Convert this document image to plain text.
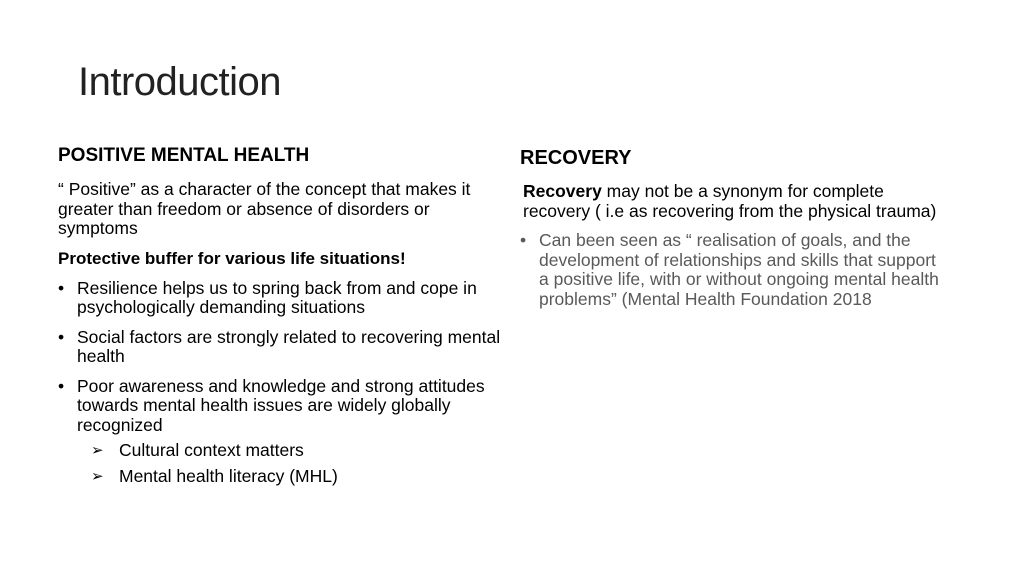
Introduction

POSITIVE MENTAL HEALTH

“ Positive” as a character of the concept that makes it greater than freedom or absence of disorders or symptoms

Protective buffer for various life situations!

• Resilience helps us to spring back from and cope in psychologically demanding situations
• Social factors are strongly related to recovering mental health
• Poor awareness and knowledge and strong attitudes towards mental health issues are widely globally recognized
➢ Cultural context matters
➢ Mental health literacy (MHL)

RECOVERY

Recovery may not be a synonym for complete recovery ( i.e as recovering from the physical trauma)

• Can been seen as “ realisation of goals, and the development of relationships and skills that support a positive life, with or without ongoing mental health problems” (Mental Health Foundation 2018
